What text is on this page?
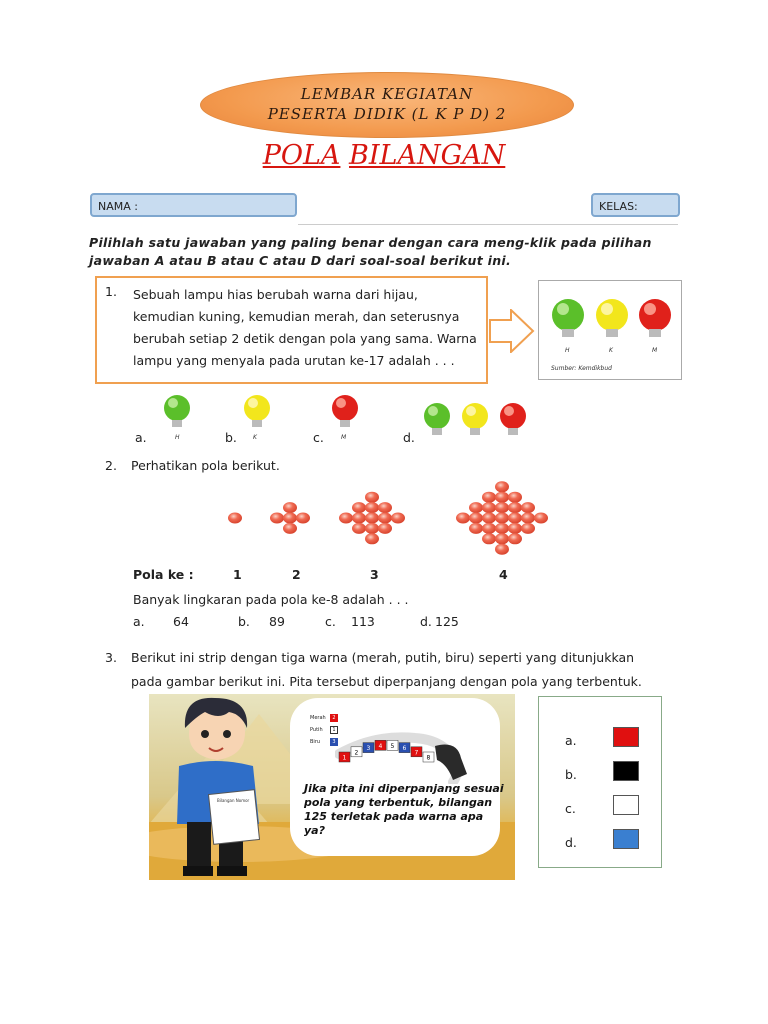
LEMBAR KEGIATAN
PESERTA DIDIK (L K P D) 2
POLA BILANGAN
NAMA :	KELAS:
Pilihlah satu jawaban yang paling benar dengan cara meng-klik pada pilihan jawaban A atau B atau C atau D dari soal-soal berikut ini.
1. Sebuah lampu hias berubah warna dari hijau, kemudian kuning, kemudian merah, dan seterusnya berubah setiap 2 detik dengan pola yang sama. Warna lampu yang menyala pada urutan ke-17 adalah . . .
H	K	M
Sumber: Kemdikbud
a.	H	b.	K	c.	M	d.
2. Perhatikan pola berikut.
Pola ke :	1	2	3	4
Banyak lingkaran pada pola ke-8 adalah . . .
a. 64	b. 89	c. 113	d. 125
3. Berikut ini strip dengan tiga warna (merah, putih, biru) seperti yang ditunjukkan
pada gambar berikut ini. Pita tersebut diperpanjang dengan pola yang terbentuk.
Bilangan Nomor
Merah	2
Putih	1
Biru	3
1
2
3 4 5 6
7
8
Jika pita ini diperpanjang sesuai pola yang terbentuk, bilangan 125 terletak pada warna apa ya?
a.
b.
c.
d.
